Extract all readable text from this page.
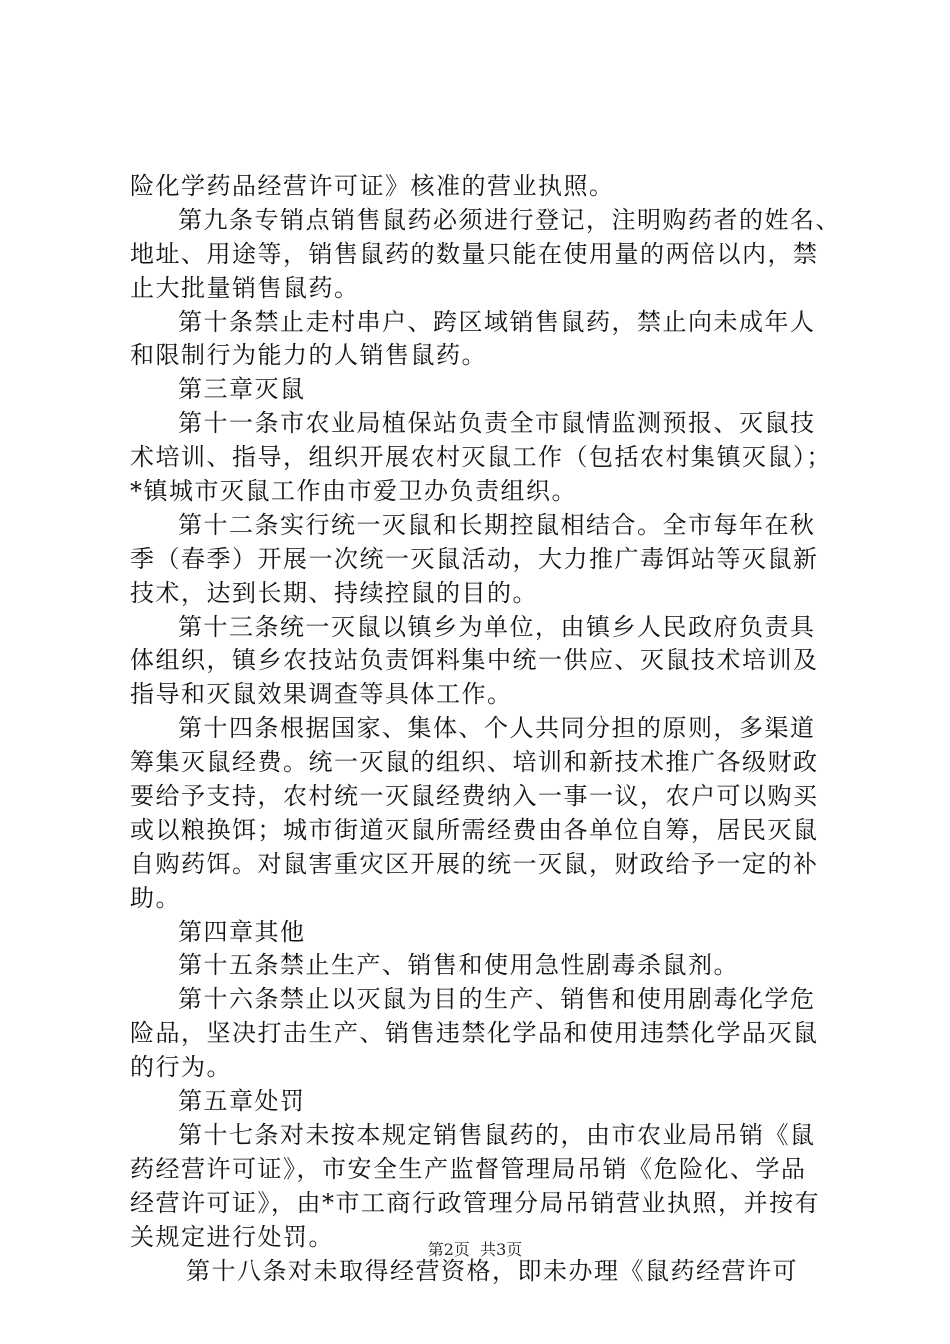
险化学药品经营许可证》核准的营业执照。
第九条专销点销售鼠药必须进行登记，注明购药者的姓名、
地址、用途等，销售鼠药的数量只能在使用量的两倍以内，禁
止大批量销售鼠药。
第十条禁止走村串户、跨区域销售鼠药，禁止向未成年人
和限制行为能力的人销售鼠药。
第三章灭鼠
第十一条市农业局植保站负责全市鼠情监测预报、灭鼠技
术培训、指导，组织开展农村灭鼠工作（包括农村集镇灭鼠）；
*镇城市灭鼠工作由市爱卫办负责组织。
第十二条实行统一灭鼠和长期控鼠相结合。全市每年在秋
季（春季）开展一次统一灭鼠活动，大力推广毒饵站等灭鼠新
技术，达到长期、持续控鼠的目的。
第十三条统一灭鼠以镇乡为单位，由镇乡人民政府负责具
体组织，镇乡农技站负责饵料集中统一供应、灭鼠技术培训及
指导和灭鼠效果调查等具体工作。
第十四条根据国家、集体、个人共同分担的原则，多渠道
筹集灭鼠经费。统一灭鼠的组织、培训和新技术推广各级财政
要给予支持，农村统一灭鼠经费纳入一事一议，农户可以购买
或以粮换饵；城市街道灭鼠所需经费由各单位自筹，居民灭鼠
自购药饵。对鼠害重灾区开展的统一灭鼠，财政给予一定的补
助。
第四章其他
第十五条禁止生产、销售和使用急性剧毒杀鼠剂。
第十六条禁止以灭鼠为目的生产、销售和使用剧毒化学危
险品，坚决打击生产、销售违禁化学品和使用违禁化学品灭鼠
的行为。
第五章处罚
第十七条对未按本规定销售鼠药的，由市农业局吊销《鼠
药经营许可证》，市安全生产监督管理局吊销《危险化、学品
经营许可证》，由*市工商行政管理分局吊销营业执照，并按有
关规定进行处罚。
第十八条对未取得经营资格，即未办理《鼠药经营许可
第2页  共3页
